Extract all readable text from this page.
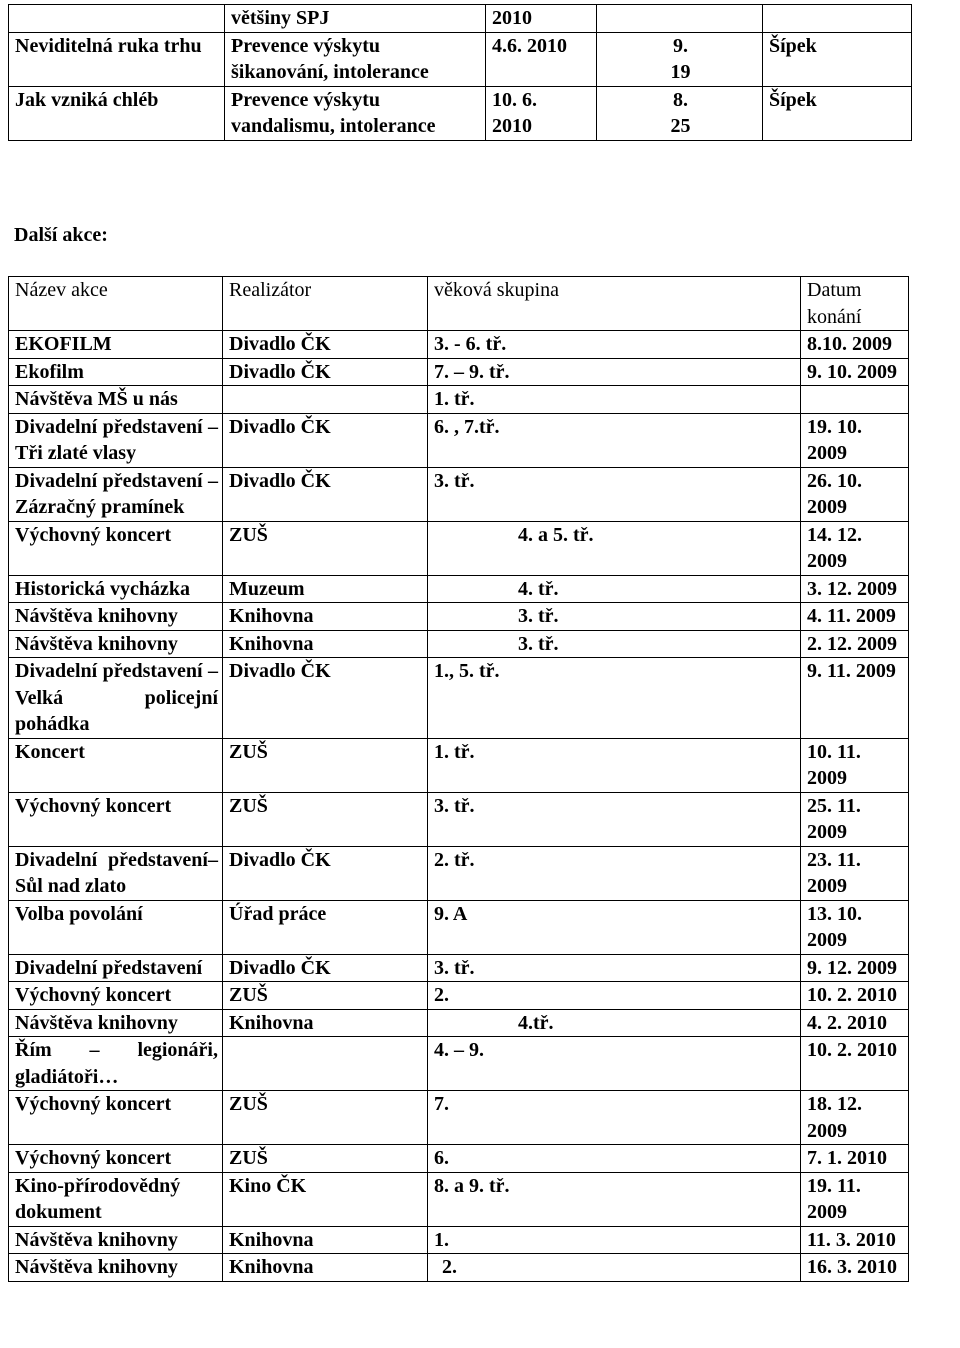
	většiny SPJ	2010		
Neviditelná ruka trhu	Prevence výskytu šikanování, intolerance	4.6. 2010	9. 19	Šípek
Jak vzniká chléb	Prevence výskytu vandalismu, intolerance	10. 6. 2010	8. 25	Šípek
Další akce:
Název akce	Realizátor	věková skupina	Datum konání
EKOFILM	Divadlo ČK	3. - 6. tř.	8.10. 2009
Ekofilm	Divadlo ČK	7. – 9. tř.	9. 10. 2009
Návštěva MŠ u nás		1. tř.	
Divadelní představení – Tři zlaté vlasy	Divadlo ČK	6. , 7.tř.	19. 10. 2009
Divadelní představení – Zázračný pramínek	Divadlo ČK	3. tř.	26. 10. 2009
Výchovný koncert	ZUŠ	4. a 5. tř.	14. 12. 2009
Historická vycházka	Muzeum	4. tř.	3. 12. 2009
Návštěva knihovny	Knihovna	3. tř.	4. 11. 2009
Návštěva knihovny	Knihovna	3. tř.	2. 12. 2009
Divadelní představení – Velká policejní pohádka	Divadlo ČK	1., 5. tř.	9. 11. 2009
Koncert	ZUŠ	1. tř.	10. 11. 2009
Výchovný koncert	ZUŠ	3. tř.	25. 11. 2009
Divadelní představení–Sůl nad zlato	Divadlo ČK	2. tř.	23. 11. 2009
Volba povolání	Úřad práce	9. A	13. 10. 2009
Divadelní představení	Divadlo ČK	3. tř.	9. 12. 2009
Výchovný koncert	ZUŠ	2.	10. 2. 2010
Návštěva knihovny	Knihovna	4.tř.	4. 2. 2010
Řím – legionáři, gladiátoři…		4. – 9.	10. 2. 2010
Výchovný koncert	ZUŠ	7.	18. 12. 2009
Výchovný koncert	ZUŠ	6.	7. 1. 2010
Kino-přírodovědný dokument	Kino ČK	8. a 9. tř.	19. 11. 2009
Návštěva knihovny	Knihovna	1.	11. 3. 2010
Návštěva knihovny	Knihovna	2.	16. 3. 2010
